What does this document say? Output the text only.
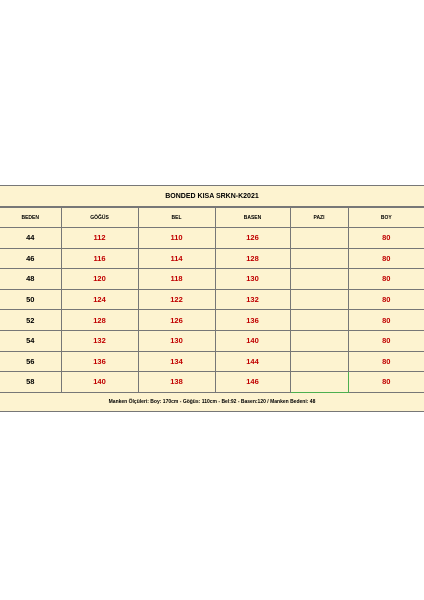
BONDED KISA SRKN-K2021
BEDEN	GÖĞÜS	BEL	BASEN	PAZI	BOY
44	112	110	126		80
46	116	114	128		80
48	120	118	130		80
50	124	122	132		80
52	128	126	136		80
54	132	130	140		80
56	136	134	144		80
58	140	138	146		80
Manken Ölçüleri: Boy: 170cm - Göğüs: 110cm - Bel:92 - Basen:120 / Manken Bedeni: 48
